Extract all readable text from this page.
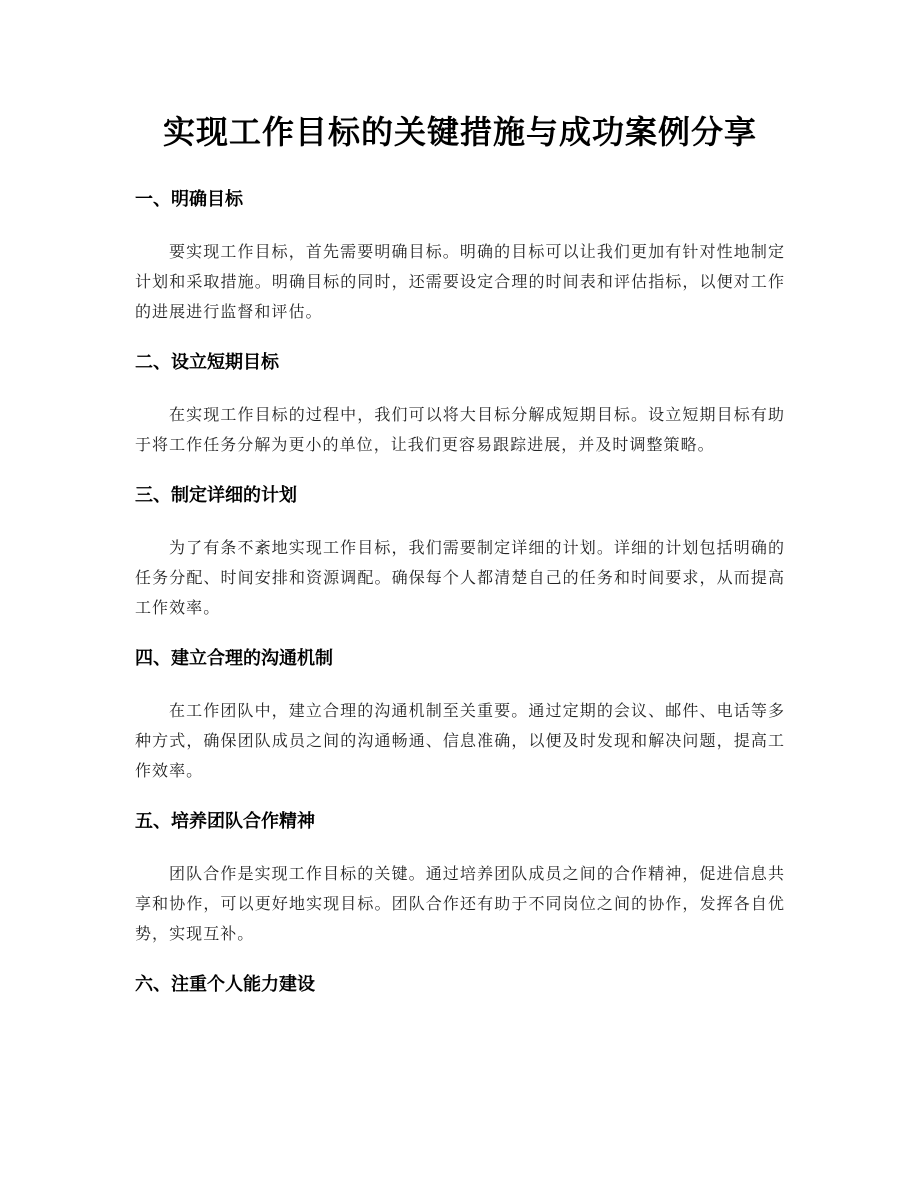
实现工作目标的关键措施与成功案例分享
一、明确目标

要实现工作目标，首先需要明确目标。明确的目标可以让我们更加有针对性地制定计划和采取措施。明确目标的同时，还需要设定合理的时间表和评估指标，以便对工作的进展进行监督和评估。

二、设立短期目标

在实现工作目标的过程中，我们可以将大目标分解成短期目标。设立短期目标有助于将工作任务分解为更小的单位，让我们更容易跟踪进展，并及时调整策略。

三、制定详细的计划

为了有条不紊地实现工作目标，我们需要制定详细的计划。详细的计划包括明确的任务分配、时间安排和资源调配。确保每个人都清楚自己的任务和时间要求，从而提高工作效率。

四、建立合理的沟通机制

在工作团队中，建立合理的沟通机制至关重要。通过定期的会议、邮件、电话等多种方式，确保团队成员之间的沟通畅通、信息准确，以便及时发现和解决问题，提高工作效率。

五、培养团队合作精神

团队合作是实现工作目标的关键。通过培养团队成员之间的合作精神，促进信息共享和协作，可以更好地实现目标。团队合作还有助于不同岗位之间的协作，发挥各自优势，实现互补。

六、注重个人能力建设
